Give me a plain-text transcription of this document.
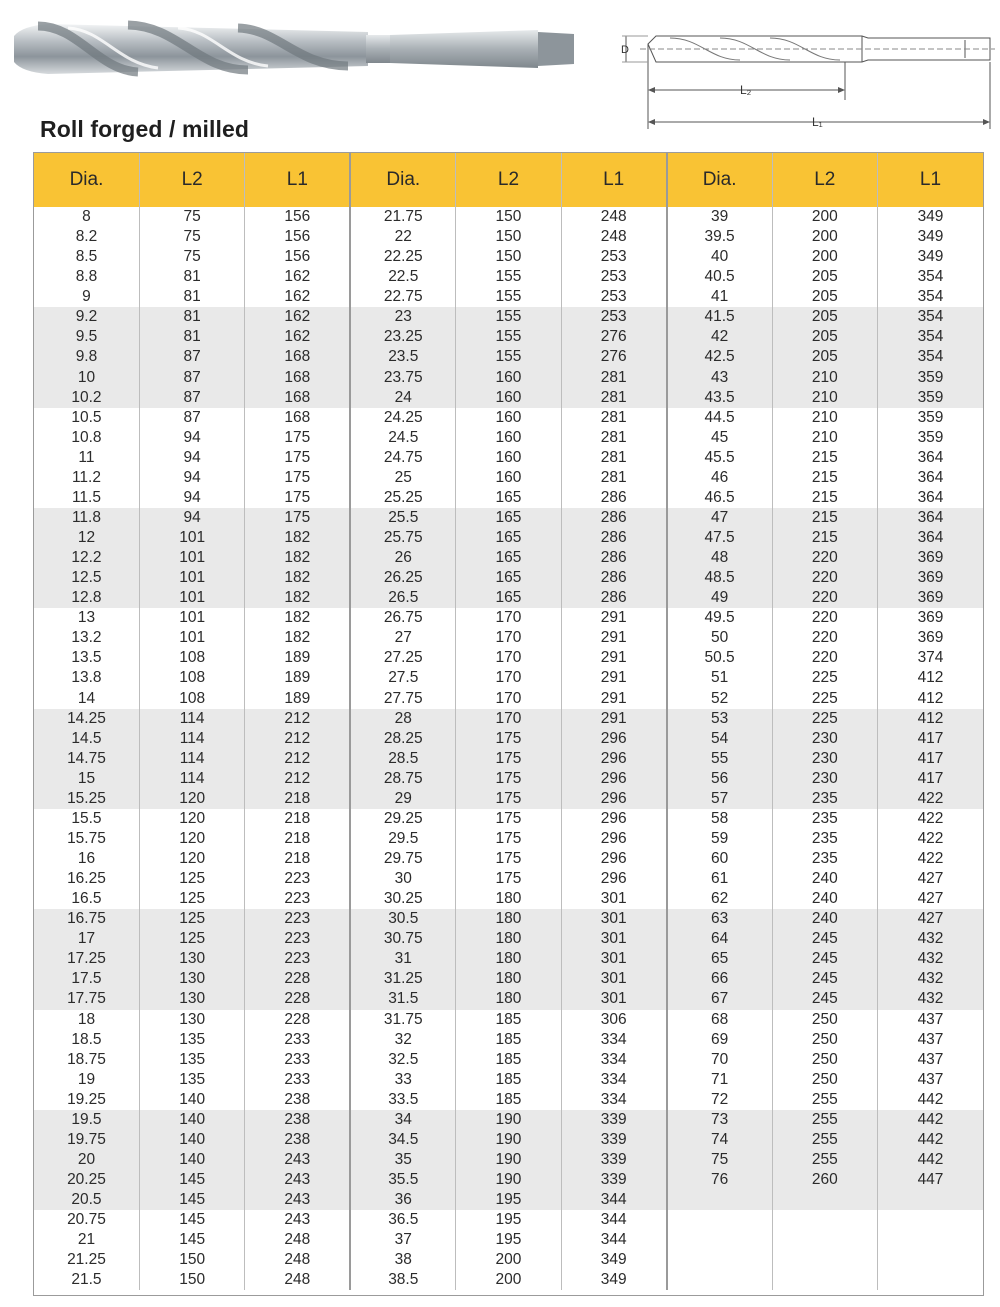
D
L₂
L₁
Roll forged / milled
Dia.	L2	L1	Dia.	L2	L1	Dia.	L2	L1
8	75	156	21.75	150	248	39	200	349
8.2	75	156	22	150	248	39.5	200	349
8.5	75	156	22.25	150	253	40	200	349
8.8	81	162	22.5	155	253	40.5	205	354
9	81	162	22.75	155	253	41	205	354
9.2	81	162	23	155	253	41.5	205	354
9.5	81	162	23.25	155	276	42	205	354
9.8	87	168	23.5	155	276	42.5	205	354
10	87	168	23.75	160	281	43	210	359
10.2	87	168	24	160	281	43.5	210	359
10.5	87	168	24.25	160	281	44.5	210	359
10.8	94	175	24.5	160	281	45	210	359
11	94	175	24.75	160	281	45.5	215	364
11.2	94	175	25	160	281	46	215	364
11.5	94	175	25.25	165	286	46.5	215	364
11.8	94	175	25.5	165	286	47	215	364
12	101	182	25.75	165	286	47.5	215	364
12.2	101	182	26	165	286	48	220	369
12.5	101	182	26.25	165	286	48.5	220	369
12.8	101	182	26.5	165	286	49	220	369
13	101	182	26.75	170	291	49.5	220	369
13.2	101	182	27	170	291	50	220	369
13.5	108	189	27.25	170	291	50.5	220	374
13.8	108	189	27.5	170	291	51	225	412
14	108	189	27.75	170	291	52	225	412
14.25	114	212	28	170	291	53	225	412
14.5	114	212	28.25	175	296	54	230	417
14.75	114	212	28.5	175	296	55	230	417
15	114	212	28.75	175	296	56	230	417
15.25	120	218	29	175	296	57	235	422
15.5	120	218	29.25	175	296	58	235	422
15.75	120	218	29.5	175	296	59	235	422
16	120	218	29.75	175	296	60	235	422
16.25	125	223	30	175	296	61	240	427
16.5	125	223	30.25	180	301	62	240	427
16.75	125	223	30.5	180	301	63	240	427
17	125	223	30.75	180	301	64	245	432
17.25	130	223	31	180	301	65	245	432
17.5	130	228	31.25	180	301	66	245	432
17.75	130	228	31.5	180	301	67	245	432
18	130	228	31.75	185	306	68	250	437
18.5	135	233	32	185	334	69	250	437
18.75	135	233	32.5	185	334	70	250	437
19	135	233	33	185	334	71	250	437
19.25	140	238	33.5	185	334	72	255	442
19.5	140	238	34	190	339	73	255	442
19.75	140	238	34.5	190	339	74	255	442
20	140	243	35	190	339	75	255	442
20.25	145	243	35.5	190	339	76	260	447
20.5	145	243	36	195	344			
20.75	145	243	36.5	195	344			
21	145	248	37	195	344			
21.25	150	248	38	200	349			
21.5	150	248	38.5	200	349			
